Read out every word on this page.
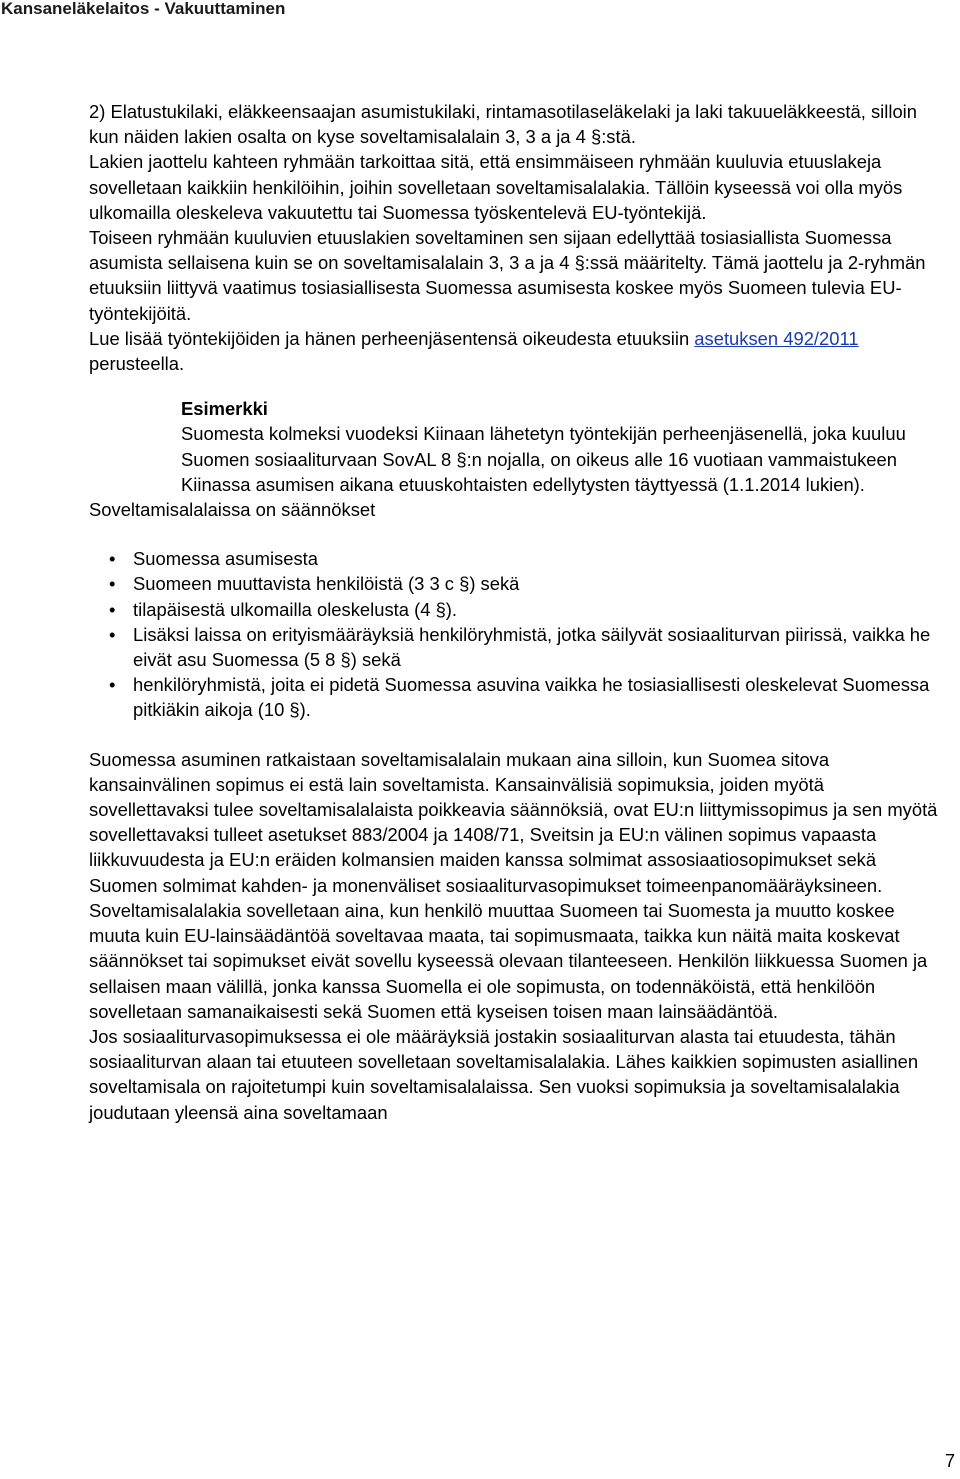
Kansaneläkelaitos - Vakuuttaminen

2) Elatustukilaki, eläkkeensaajan asumistukilaki, rintamasotilaseläkelaki ja laki takuueläkkeestä, silloin kun näiden lakien osalta on kyse soveltamisalalain 3, 3 a ja 4 §:stä.

Lakien jaottelu kahteen ryhmään tarkoittaa sitä, että ensimmäiseen ryhmään kuuluvia etuuslakeja sovelletaan kaikkiin henkilöihin, joihin sovelletaan soveltamisalalakia. Tällöin kyseessä voi olla myös ulkomailla oleskeleva vakuutettu tai Suomessa työskentelevä EU-työntekijä.

Toiseen ryhmään kuuluvien etuuslakien soveltaminen sen sijaan edellyttää tosiasiallista Suomessa asumista sellaisena kuin se on soveltamisalalain 3, 3 a ja 4 §:ssä määritelty. Tämä jaottelu ja 2-ryhmän etuuksiin liittyvä vaatimus tosiasiallisesta Suomessa asumisesta koskee myös Suomeen tulevia EU-työntekijöitä.

Lue lisää työntekijöiden ja hänen perheenjäsentensä oikeudesta etuuksiin asetuksen 492/2011 perusteella.

Esimerkki

Suomesta kolmeksi vuodeksi Kiinaan lähetetyn työntekijän perheenjäsenellä, joka kuuluu Suomen sosiaaliturvaan SovAL 8 §:n nojalla, on oikeus alle 16 vuotiaan vammaistukeen Kiinassa asumisen aikana etuuskohtaisten edellytysten täyttyessä (1.1.2014 lukien).

Soveltamisalalaissa on säännökset

• Suomessa asumisesta
• Suomeen muuttavista henkilöistä (3 3 c §) sekä
• tilapäisestä ulkomailla oleskelusta (4 §).
• Lisäksi laissa on erityismääräyksiä henkilöryhmistä, jotka säilyvät sosiaaliturvan piirissä, vaikka he eivät asu Suomessa (5 8 §) sekä
• henkilöryhmistä, joita ei pidetä Suomessa asuvina vaikka he tosiasiallisesti oleskelevat Suomessa pitkiäkin aikoja (10 §).

Suomessa asuminen ratkaistaan soveltamisalalain mukaan aina silloin, kun Suomea sitova kansainvälinen sopimus ei estä lain soveltamista. Kansainvälisiä sopimuksia, joiden myötä sovellettavaksi tulee soveltamisalalaista poikkeavia säännöksiä, ovat EU:n liittymissopimus ja sen myötä sovellettavaksi tulleet asetukset 883/2004 ja 1408/71, Sveitsin ja EU:n välinen sopimus vapaasta liikkuvuudesta ja EU:n eräiden kolmansien maiden kanssa solmimat assosiaatiosopimukset sekä Suomen solmimat kahden- ja monenväliset sosiaaliturvasopimukset toimeenpanomääräyksineen.

Soveltamisalalakia sovelletaan aina, kun henkilö muuttaa Suomeen tai Suomesta ja muutto koskee muuta kuin EU-lainsäädäntöä soveltavaa maata, tai sopimusmaata, taikka kun näitä maita koskevat säännökset tai sopimukset eivät sovellu kyseessä olevaan tilanteeseen. Henkilön liikkuessa Suomen ja sellaisen maan välillä, jonka kanssa Suomella ei ole sopimusta, on todennäköistä, että henkilöön sovelletaan samanaikaisesti sekä Suomen että kyseisen toisen maan lainsäädäntöä.

Jos sosiaaliturvasopimuksessa ei ole määräyksiä jostakin sosiaaliturvan alasta tai etuudesta, tähän sosiaaliturvan alaan tai etuuteen sovelletaan soveltamisalalakia. Lähes kaikkien sopimusten asiallinen soveltamisala on rajoitetumpi kuin soveltamisalalaissa. Sen vuoksi sopimuksia ja soveltamisalalakia joudutaan yleensä aina soveltamaan

7
